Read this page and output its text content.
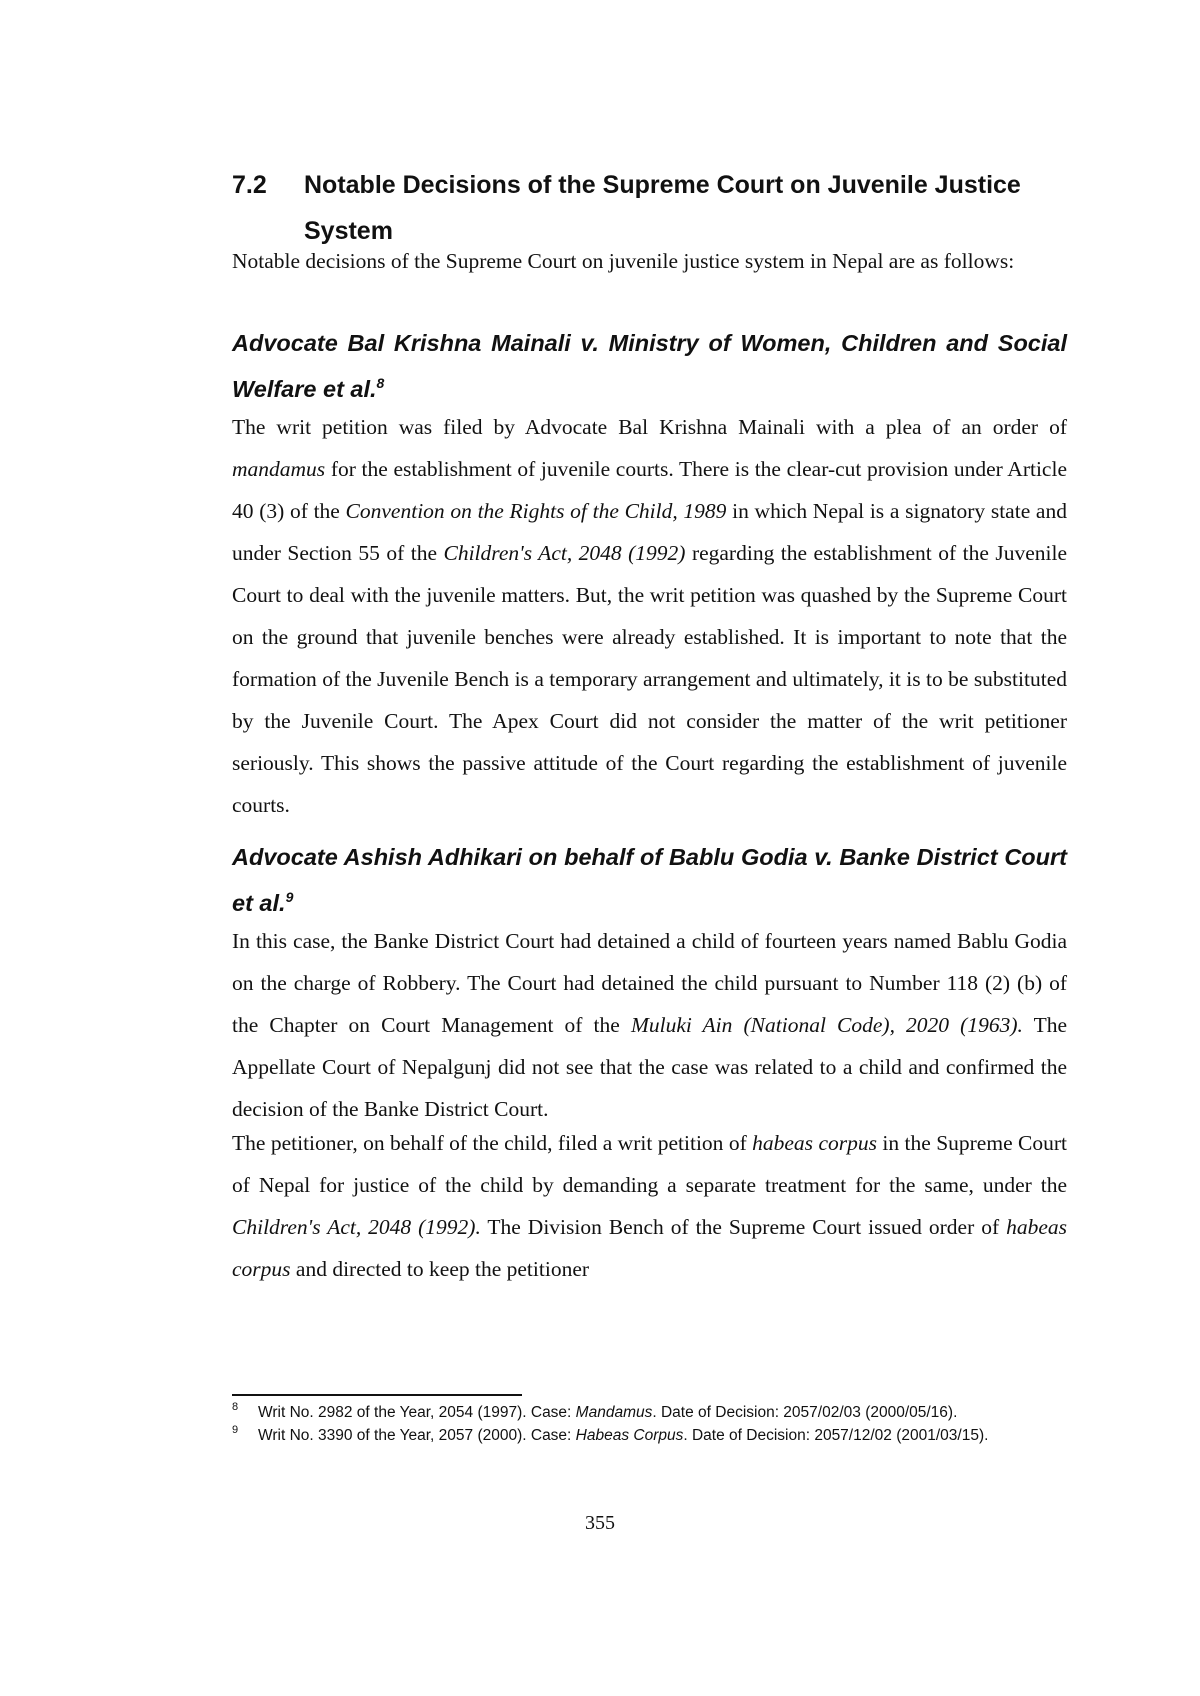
7.2 Notable Decisions of the Supreme Court on Juvenile Justice System

Notable decisions of the Supreme Court on juvenile justice system in Nepal are as follows:

Advocate Bal Krishna Mainali v. Ministry of Women, Children and Social Welfare et al.$^8$

The writ petition was filed by Advocate Bal Krishna Mainali with a plea of an order of mandamus for the establishment of juvenile courts. There is the clear-cut provision under Article 40 (3) of the Convention on the Rights of the Child, 1989 in which Nepal is a signatory state and under Section 55 of the Children's Act, 2048 (1992) regarding the establishment of the Juvenile Court to deal with the juvenile matters. But, the writ petition was quashed by the Supreme Court on the ground that juvenile benches were already established. It is important to note that the formation of the Juvenile Bench is a temporary arrangement and ultimately, it is to be substituted by the Juvenile Court. The Apex Court did not consider the matter of the writ petitioner seriously. This shows the passive attitude of the Court regarding the establishment of juvenile courts.

Advocate Ashish Adhikari on behalf of Bablu Godia v. Banke District Court et al.$^9$

In this case, the Banke District Court had detained a child of fourteen years named Bablu Godia on the charge of Robbery. The Court had detained the child pursuant to Number 118 (2) (b) of the Chapter on Court Management of the Muluki Ain (National Code), 2020 (1963). The Appellate Court of Nepalgunj did not see that the case was related to a child and confirmed the decision of the Banke District Court.

The petitioner, on behalf of the child, filed a writ petition of habeas corpus in the Supreme Court of Nepal for justice of the child by demanding a separate treatment for the same, under the Children's Act, 2048 (1992). The Division Bench of the Supreme Court issued order of habeas corpus and directed to keep the petitioner

8 Writ No. 2982 of the Year, 2054 (1997). Case: Mandamus. Date of Decision: 2057/02/03 (2000/05/16).
9 Writ No. 3390 of the Year, 2057 (2000). Case: Habeas Corpus. Date of Decision: 2057/12/02 (2001/03/15).
355
